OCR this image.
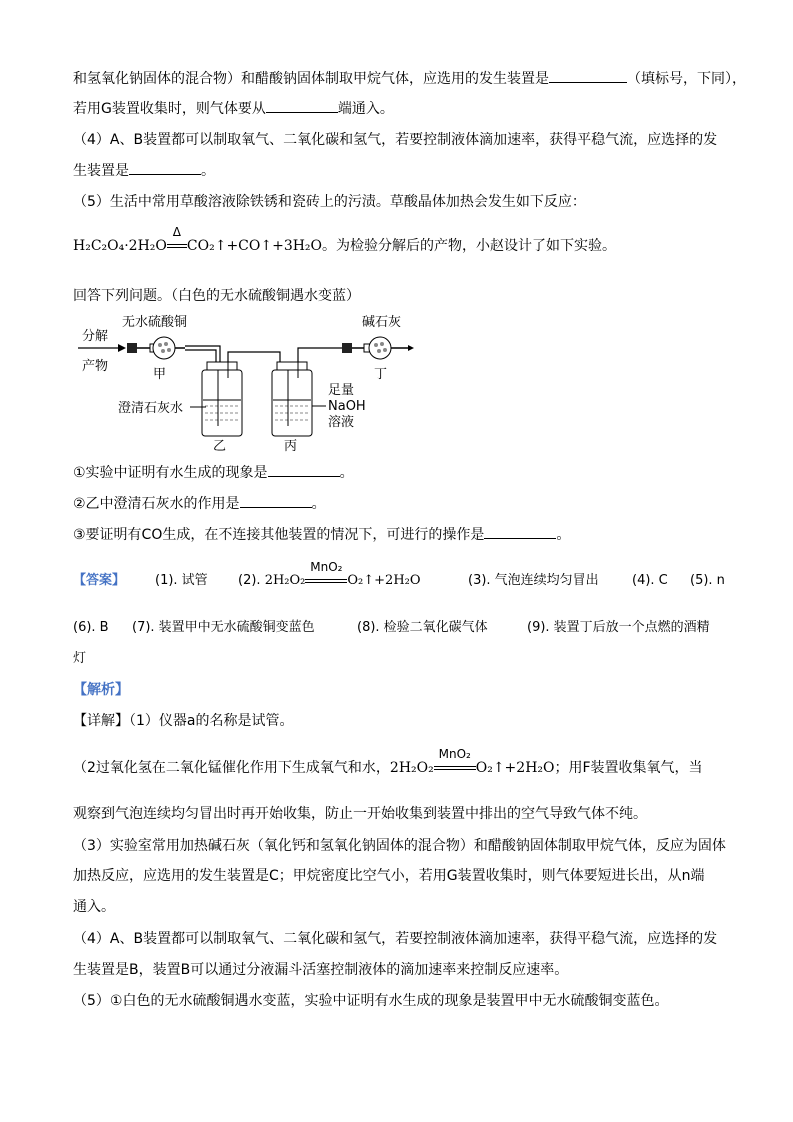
和氢氧化钠固体的混合物）和醋酸钠固体制取甲烷气体，应选用的发生装置是	（填标号，下同），
若用G装置收集时，则气体要从	端通入。
（4）A、B装置都可以制取氧气、二氧化碳和氢气，若要控制液体滴加速率，获得平稳气流，应选择的发
生装置是	。
（5）生活中常用草酸溶液除铁锈和瓷砖上的污渍。草酸晶体加热会发生如下反应：
H₂C₂O₄·2H₂O
Δ
CO₂↑+CO↑+3H₂O。为检验分解后的产物，小赵设计了如下实验。
回答下列问题。（白色的无水硫酸铜遇水变蓝）
分解
产物
无水硫酸铜
甲
澄清石灰水
乙
足量
NaOH
溶液
丙
碱石灰
丁
①实验中证明有水生成的现象是	。
②乙中澄清石灰水的作用是	。
③要证明有CO生成，在不连接其他装置的情况下，可进行的操作是	。
【答案】 (1). 试管 (2). 2H₂O₂
MnO₂
O₂↑+2H₂O	(3). 气泡连续均匀冒出	(4). C (5). n
(6). B (7). 装置甲中无水硫酸铜变蓝色	(8). 检验二氧化碳气体	(9). 装置丁后放一个点燃的酒精
灯
【解析】
【详解】（1）仪器a的名称是试管。
（2过氧化氢在二氧化锰催化作用下生成氧气和水，2H₂O₂
MnO₂
O₂↑+2H₂O；用F装置收集氧气，当
观察到气泡连续均匀冒出时再开始收集，防止一开始收集到装置中排出的空气导致气体不纯。
（3）实验室常用加热碱石灰（氧化钙和氢氧化钠固体的混合物）和醋酸钠固体制取甲烷气体，反应为固体
加热反应，应选用的发生装置是C；甲烷密度比空气小，若用G装置收集时，则气体要短进长出，从n端
通入。
（4）A、B装置都可以制取氧气、二氧化碳和氢气，若要控制液体滴加速率，获得平稳气流，应选择的发
生装置是B，装置B可以通过分液漏斗活塞控制液体的滴加速率来控制反应速率。
（5）①白色的无水硫酸铜遇水变蓝，实验中证明有水生成的现象是装置甲中无水硫酸铜变蓝色。
